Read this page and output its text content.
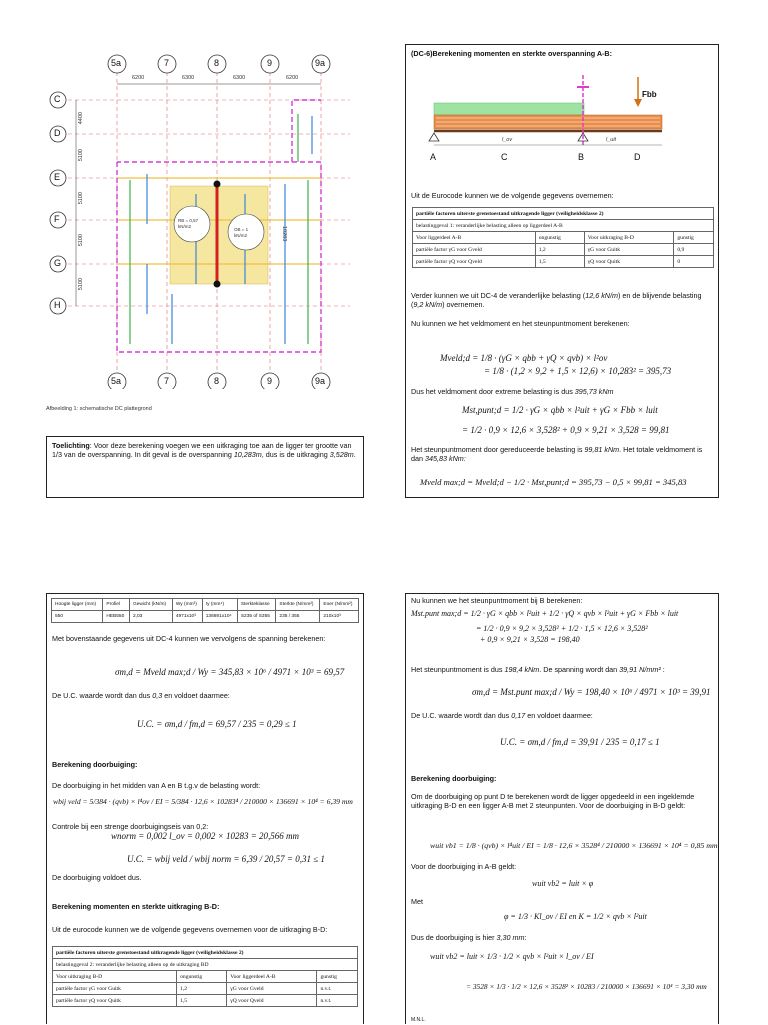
5a	7	8	9	9a
5a	7	8	9	9a
C
D
E
F
G
H
6200	6300	6300	6200
4400
5100
5100
5100
5100
RB = 0,57 kN/m2
OB = 1 kN/m2	10283
Afbeelding 1: schematische DC plattegrond
Toelichting: Voor deze berekening voegen we een uitkraging toe aan de ligger ter grootte van 1/3 van de overspanning. In dit geval is de overspanning 10,283m, dus is de uitkraging 3,528m.
(DC-6)Berekening momenten en sterkte overspanning A-B:
Fbb
A	C	B	D
l_ov	l_uit
Uit de Eurocode kunnen we de volgende gegevens overnemen:
partiële factoren uiterste grenstoestand uitkragende ligger (veiligheidsklasse 2)			
belastinggeval 1: veranderlijke belasting alleen op liggerdeel A-B			
Voor liggerdeel A-B	ongunstig	Voor uitkraging B-D	gunstig
partiële factor γG voor Gveld	1,2	γG voor Guitk	0,9
partiële factor γQ voor Qveld	1,5	γQ voor Quitk	0
Verder kunnen we uit DC-4 de veranderlijke belasting (12,6 kN/m) en de blijvende belasting (9,2 kN/m) overnemen.
Nu kunnen we het veldmoment en het steunpuntmoment berekenen:
Mveld;d = 1/8 · (γG × qbb + γQ × qvb) × l²ov
= 1/8 · (1,2 × 9,2 + 1,5 × 12,6) × 10,283² = 395,73
Dus het veldmoment door extreme belasting is dus 395,73 kNm
Mst,punt;d = 1/2 · γG × qbb × l²uit + γG × Fbb × luit
= 1/2 · 0,9 × 12,6 × 3,528² + 0,9 × 9,21 × 3,528 = 99,81
Het steunpuntmoment door gereduceerde belasting is 99,81 kNm. Het totale veldmoment is dan 345,83 kNm:
Mveld max;d = Mveld;d − 1/2 · Mst,punt;d = 395,73 − 0,5 × 99,81 = 345,83
Hoogte ligger (mm)	Profiel	Gewicht (kN/m)	Wy (mm³)	Iy (mm⁴)	Sterkteklasse	Sterkte (N/mm²)	Eoer (N/mm²)
550	HEB550	2,03	4971x10³	136691x10⁴	S235 of S355	235 / 355	210x10³
Met bovenstaande gegevens uit DC-4 kunnen we vervolgens de spanning berekenen:
σm,d = Mveld max;d / Wy = 345,83 × 10⁶ / 4971 × 10³ = 69,57
De U.C. waarde wordt dan dus 0,3 en voldoet daarmee:
U.C. = σm,d / fm,d = 69,57 / 235 = 0,29 ≤ 1
Berekening doorbuiging:
De doorbuiging in het midden van A en B t.g.v de belasting wordt:
wbij veld = 5/384 · (qvb) × l⁴ov / EI = 5/384 · 12,6 × 10283⁴ / 210000 × 136691 × 10⁴ = 6,39 mm
Controle bij een strenge doorbuigingseis van 0,2:
wnorm = 0,002 l_ov = 0,002 × 10283 = 20,566 mm
U.C. = wbij veld / wbij norm = 6,39 / 20,57 = 0,31 ≤ 1
De doorbuiging voldoet dus.
Berekening momenten en sterkte uitkraging B-D:
Uit de eurocode kunnen we de volgende gegevens overnemen voor de uitkraging B-D:
partiële factoren uiterste grenstoestand uitkragende ligger (veiligheidsklasse 2)			
belastinggeval 2: veranderlijke belasting alleen op de uitkraging BD			
Voor uitkraging B-D	ongunstig	Voor liggerdeel A-B	gunstig
partiële factor γG voor Guitk	1,2	γG voor Gveld	n.v.t.
partiële factor γQ voor Quitk	1,5	γQ voor Qveld	n.v.t.
Nu kunnen we het steunpuntmoment bij B berekenen:
Mst.punt max;d = 1/2 · γG × qbb × l²uit + 1/2 · γQ × qvb × l²uit + γG × Fbb × luit
= 1/2 · 0,9 × 9,2 × 3,528² + 1/2 · 1,5 × 12,6 × 3,528²
+ 0,9 × 9,21 × 3,528 = 198,40
Het steunpuntmoment is dus 198,4 kNm. De spanning wordt dan 39,91 N/mm² :
σm,d = Mst.punt max;d / Wy = 198,40 × 10⁶ / 4971 × 10³ = 39,91
De U.C. waarde wordt dan dus 0,17 en voldoet daarmee:
U.C. = σm,d / fm,d = 39,91 / 235 = 0,17 ≤ 1
Berekening doorbuiging:
Om de doorbuiging op punt D te berekenen wordt de ligger opgedeeld in een ingeklemde uitkraging B-D en een ligger A-B met 2 steunpunten. Voor de doorbuiging in B-D geldt:
wuit vb1 = 1/8 · (qvb) × l⁴uit / EI = 1/8 · 12,6 × 3528⁴ / 210000 × 136691 × 10⁴ = 0,85 mm
Voor de doorbuiging in A-B geldt:
wuit vb2 = luit × φ
Met
φ = 1/3 · Kl_ov / EI en K = 1/2 × qvb × l²uit
Dus de doorbuiging is hier 3,30 mm:
wuit vb2 = luit × 1/3 · 1/2 × qvb × l²uit × l_ov / EI
= 3528 × 1/3 · 1/2 × 12,6 × 3528² × 10283 / 210000 × 136691 × 10⁴ = 3,30 mm
M.N.L.
